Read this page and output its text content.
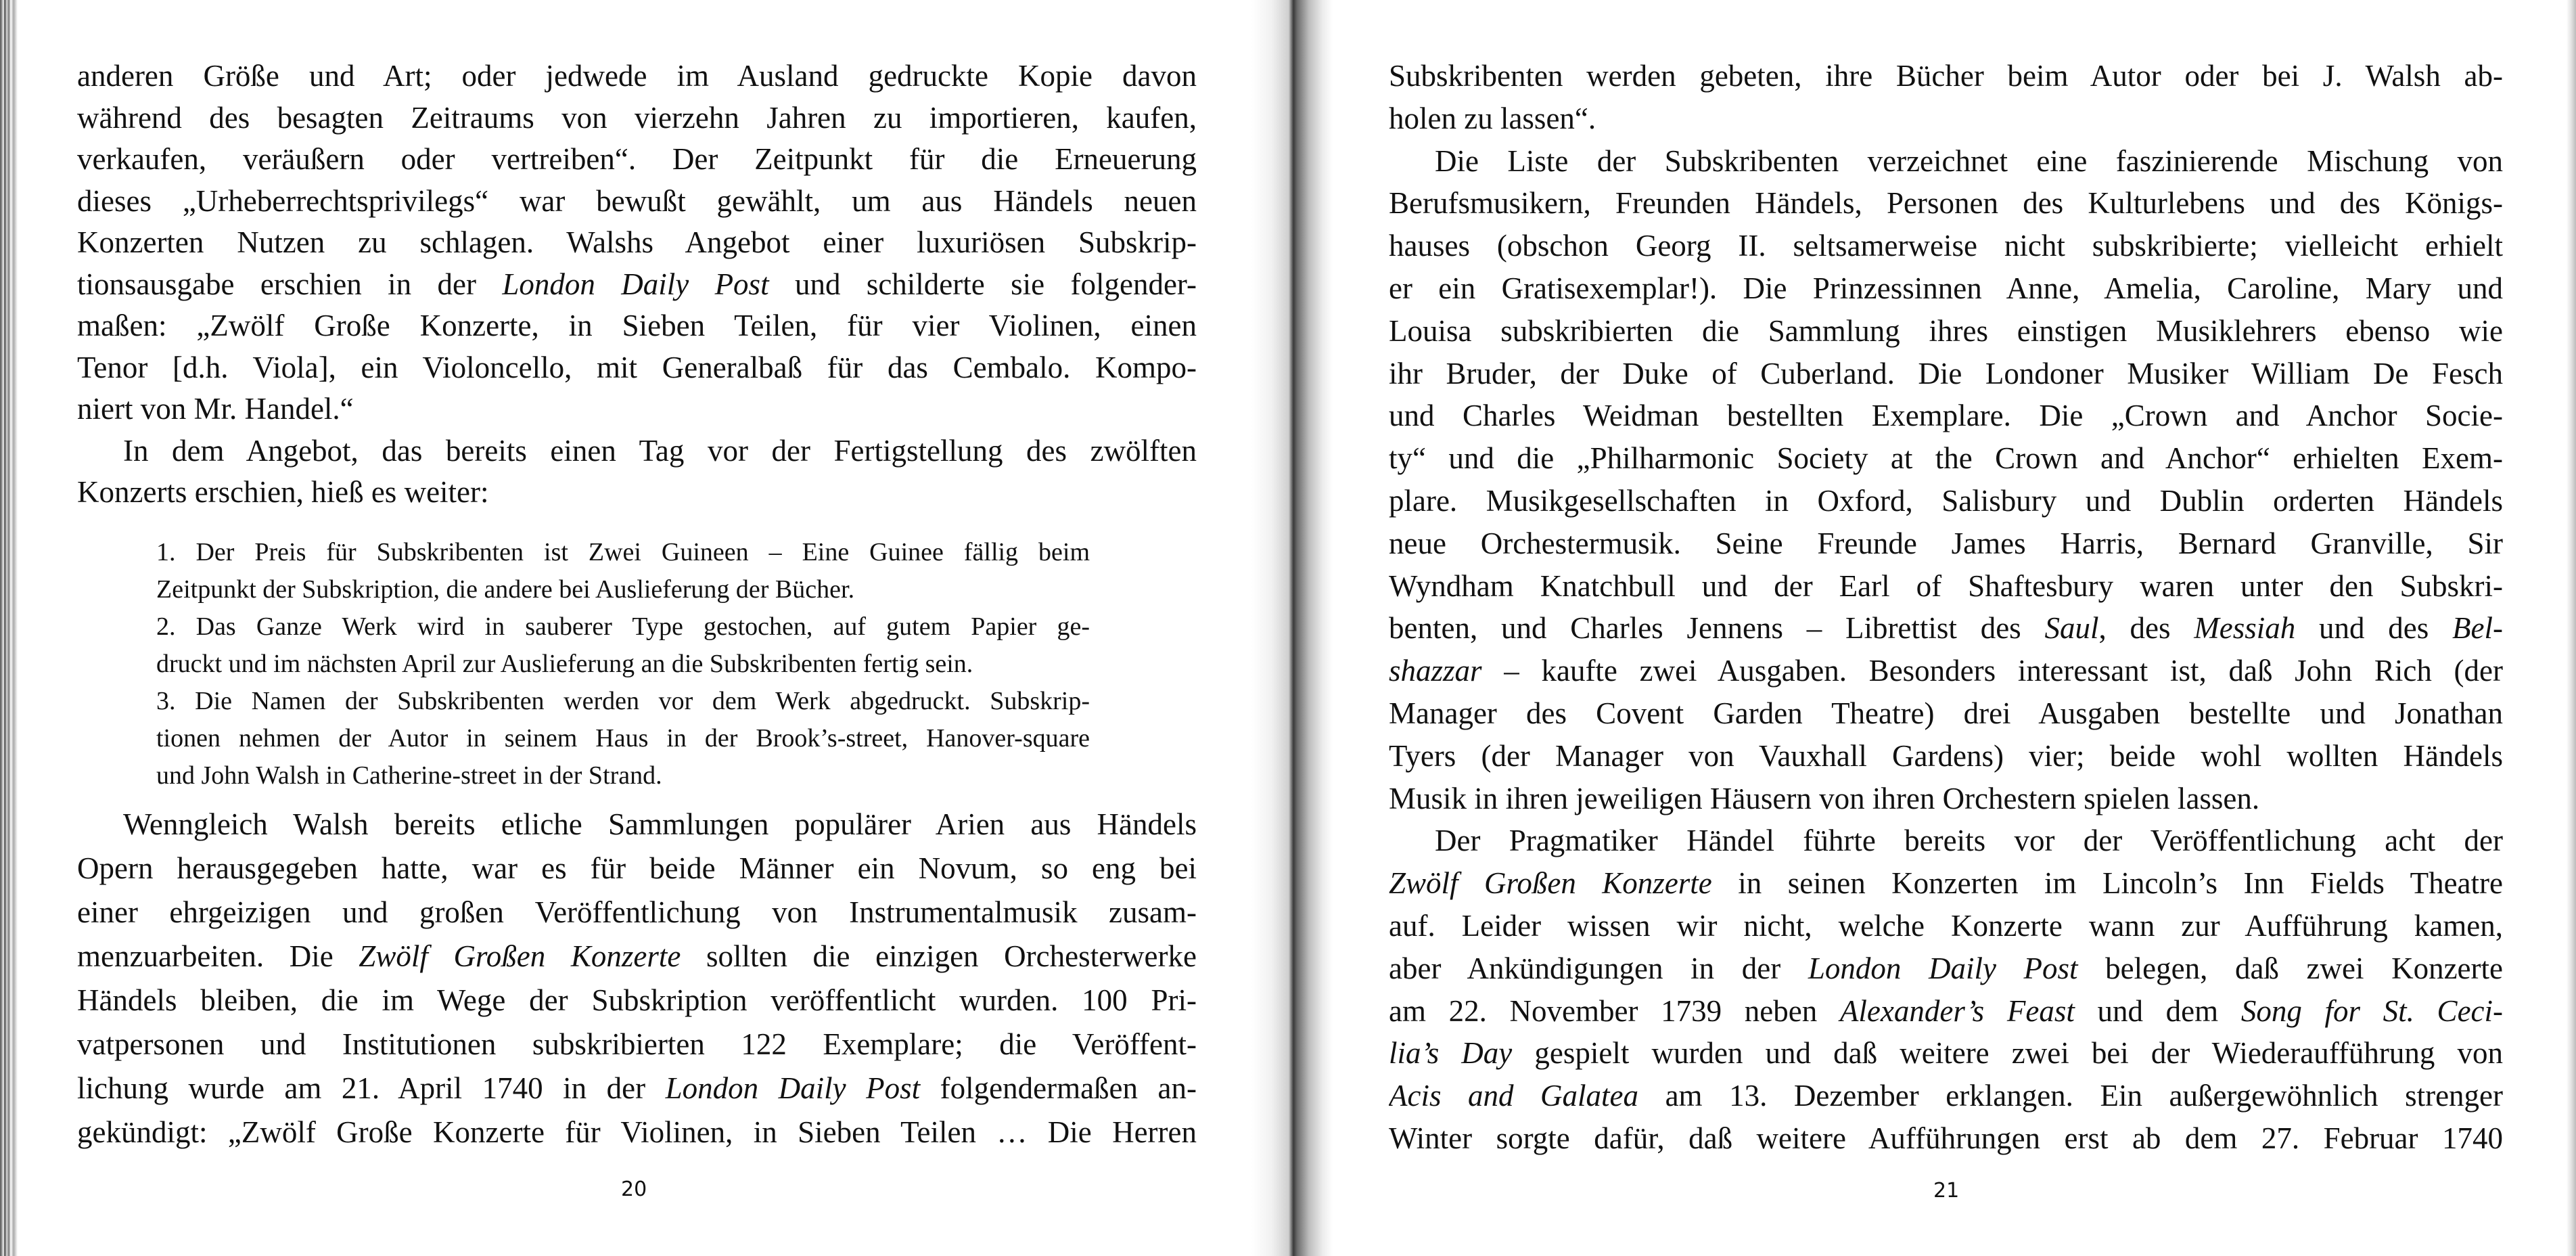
anderen Größe und Art; oder jedwede im Ausland gedruckte Kopie davon
während des besagten Zeitraums von vierzehn Jahren zu importieren, kaufen,
verkaufen, veräußern oder vertreiben“. Der Zeitpunkt für die Erneuerung
dieses „Urheberrechtsprivilegs“ war bewußt gewählt, um aus Händels neuen
Konzerten Nutzen zu schlagen. Walshs Angebot einer luxuriösen Subskrip-
tionsausgabe erschien in der London Daily Post und schilderte sie folgender-
maßen: „Zwölf Große Konzerte, in Sieben Teilen, für vier Violinen, einen
Tenor [d.h. Viola], ein Violoncello, mit Generalbaß für das Cembalo. Kompo-
niert von Mr. Handel.“
In dem Angebot, das bereits einen Tag vor der Fertigstellung des zwölften
Konzerts erschien, hieß es weiter:
1. Der Preis für Subskribenten ist Zwei Guineen – Eine Guinee fällig beim
Zeitpunkt der Subskription, die andere bei Auslieferung der Bücher.
2. Das Ganze Werk wird in sauberer Type gestochen, auf gutem Papier ge-
druckt und im nächsten April zur Auslieferung an die Subskribenten fertig sein.
3. Die Namen der Subskribenten werden vor dem Werk abgedruckt. Subskrip-
tionen nehmen der Autor in seinem Haus in der Brook’s-street, Hanover-square
und John Walsh in Catherine-street in der Strand.
Wenngleich Walsh bereits etliche Sammlungen populärer Arien aus Händels
Opern herausgegeben hatte, war es für beide Männer ein Novum, so eng bei
einer ehrgeizigen und großen Veröffentlichung von Instrumentalmusik zusam-
menzuarbeiten. Die Zwölf Großen Konzerte sollten die einzigen Orchesterwerke
Händels bleiben, die im Wege der Subskription veröffentlicht wurden. 100 Pri-
vatpersonen und Institutionen subskribierten 122 Exemplare; die Veröffent-
lichung wurde am 21. April 1740 in der London Daily Post folgendermaßen an-
gekündigt: „Zwölf Große Konzerte für Violinen, in Sieben Teilen … Die Herren
Subskribenten werden gebeten, ihre Bücher beim Autor oder bei J. Walsh ab-
holen zu lassen“.
Die Liste der Subskribenten verzeichnet eine faszinierende Mischung von
Berufsmusikern, Freunden Händels, Personen des Kulturlebens und des Königs-
hauses (obschon Georg II. seltsamerweise nicht subskribierte; vielleicht erhielt
er ein Gratisexemplar!). Die Prinzessinnen Anne, Amelia, Caroline, Mary und
Louisa subskribierten die Sammlung ihres einstigen Musiklehrers ebenso wie
ihr Bruder, der Duke of Cuberland. Die Londoner Musiker William De Fesch
und Charles Weidman bestellten Exemplare. Die „Crown and Anchor Socie-
ty“ und die „Philharmonic Society at the Crown and Anchor“ erhielten Exem-
plare. Musikgesellschaften in Oxford, Salisbury und Dublin orderten Händels
neue Orchestermusik. Seine Freunde James Harris, Bernard Granville, Sir
Wyndham Knatchbull und der Earl of Shaftesbury waren unter den Subskri-
benten, und Charles Jennens – Librettist des Saul, des Messiah und des Bel-
shazzar – kaufte zwei Ausgaben. Besonders interessant ist, daß John Rich (der
Manager des Covent Garden Theatre) drei Ausgaben bestellte und Jonathan
Tyers (der Manager von Vauxhall Gardens) vier; beide wohl wollten Händels
Musik in ihren jeweiligen Häusern von ihren Orchestern spielen lassen.
Der Pragmatiker Händel führte bereits vor der Veröffentlichung acht der
Zwölf Großen Konzerte in seinen Konzerten im Lincoln’s Inn Fields Theatre
auf. Leider wissen wir nicht, welche Konzerte wann zur Aufführung kamen,
aber Ankündigungen in der London Daily Post belegen, daß zwei Konzerte
am 22. November 1739 neben Alexander’s Feast und dem Song for St. Ceci-
lia’s Day gespielt wurden und daß weitere zwei bei der Wiederaufführung von
Acis and Galatea am 13. Dezember erklangen. Ein außergewöhnlich strenger
Winter sorgte dafür, daß weitere Aufführungen erst ab dem 27. Februar 1740
20	21
